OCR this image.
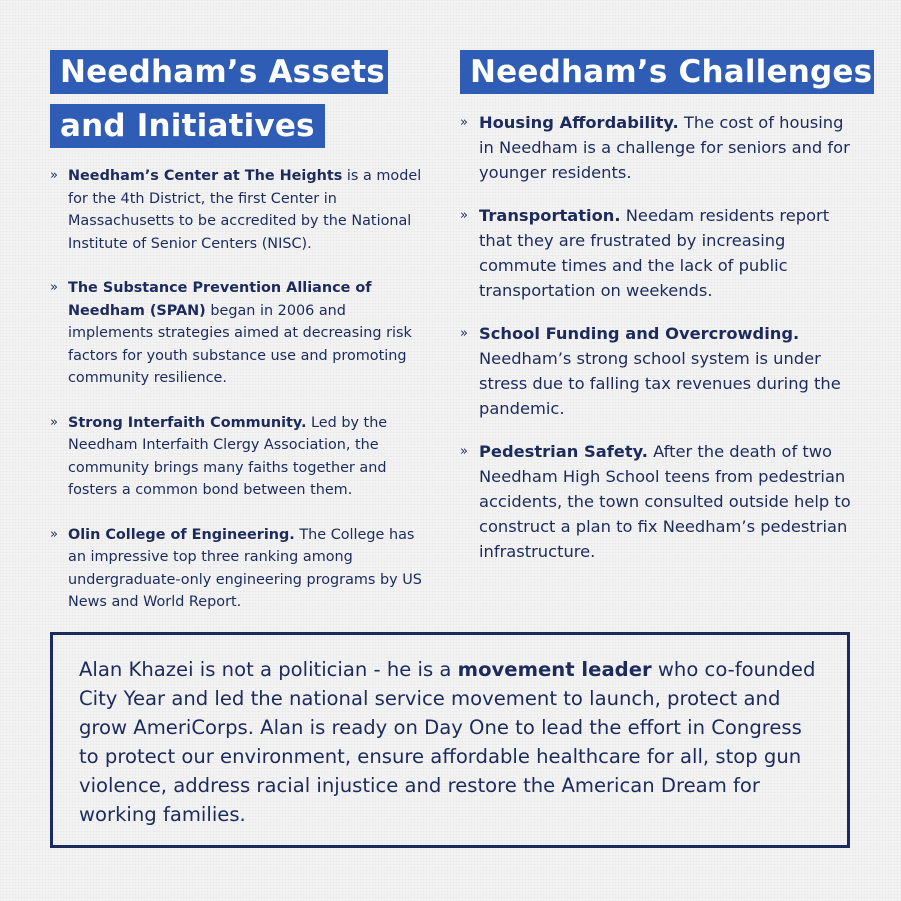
Needham’s Assets
and Initiatives
» Needham’s Center at The Heights is a model for the 4th District, the first Center in Massachusetts to be accredited by the National Institute of Senior Centers (NISC).
» The Substance Prevention Alliance of Needham (SPAN) began in 2006 and implements strategies aimed at decreasing risk factors for youth substance use and promoting community resilience.
» Strong Interfaith Community. Led by the Needham Interfaith Clergy Association, the community brings many faiths together and fosters a common bond between them.
» Olin College of Engineering. The College has an impressive top three ranking among undergraduate-only engineering programs by US News and World Report.
Needham’s Challenges
» Housing Affordability. The cost of housing in Needham is a challenge for seniors and for younger residents.
» Transportation. Needam residents report that they are frustrated by increasing commute times and the lack of public transportation on weekends.
» School Funding and Overcrowding. Needham’s strong school system is under stress due to falling tax revenues during the pandemic.
» Pedestrian Safety. After the death of two Needham High School teens from pedestrian accidents, the town consulted outside help to construct a plan to fix Needham’s pedestrian infrastructure.
Alan Khazei is not a politician - he is a movement leader who co-founded City Year and led the national service movement to launch, protect and grow AmeriCorps. Alan is ready on Day One to lead the effort in Congress to protect our environment, ensure affordable healthcare for all, stop gun violence, address racial injustice and restore the American Dream for working families.
